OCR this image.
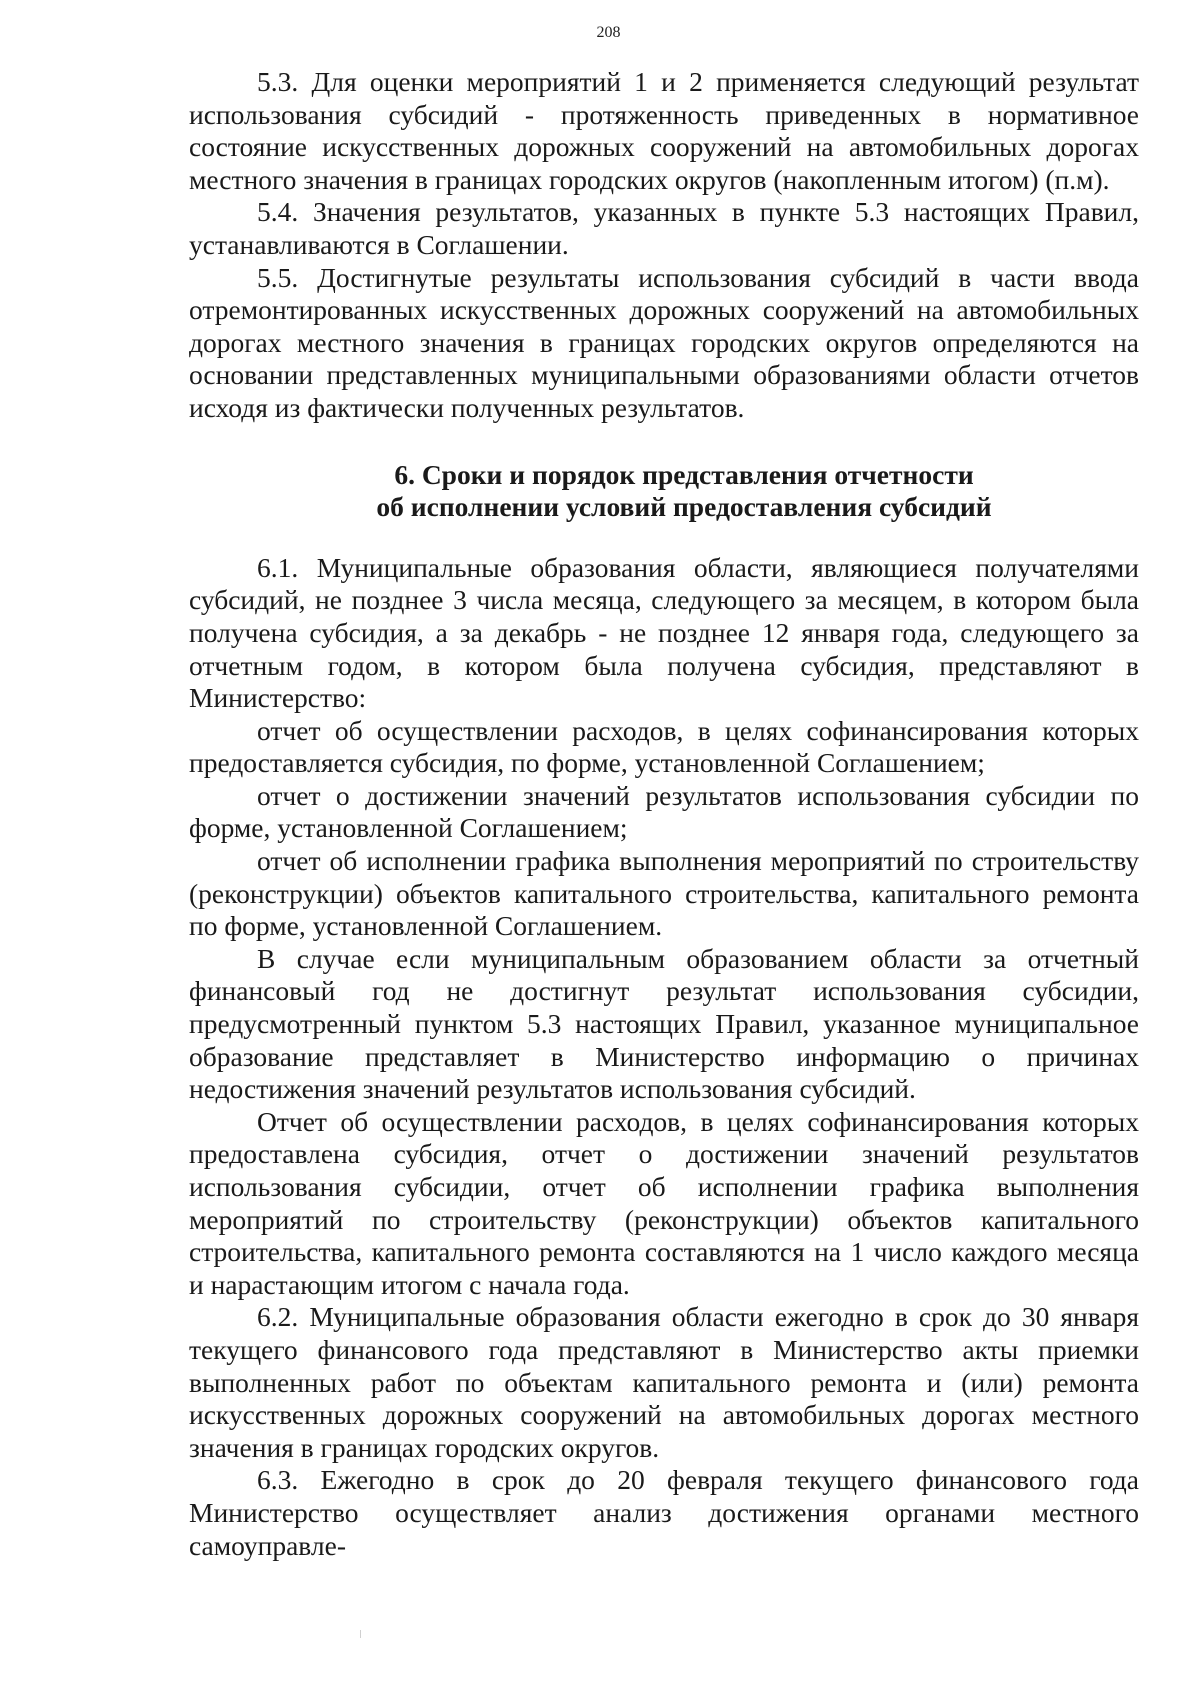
208

5.3. Для оценки мероприятий 1 и 2 применяется следующий результат использования субсидий - протяженность приведенных в нормативное состояние искусственных дорожных сооружений на автомобильных дорогах местного значения в границах городских округов (накопленным итогом) (п.м).

5.4. Значения результатов, указанных в пункте 5.3 настоящих Правил, устанавливаются в Соглашении.

5.5. Достигнутые результаты использования субсидий в части ввода отремонтированных искусственных дорожных сооружений на автомобильных дорогах местного значения в границах городских округов определяются на основании представленных муниципальными образованиями области отчетов исходя из фактически полученных результатов.

6. Сроки и порядок представления отчетности
об исполнении условий предоставления субсидий

6.1. Муниципальные образования области, являющиеся получателями субсидий, не позднее 3 числа месяца, следующего за месяцем, в котором была получена субсидия, а за декабрь - не позднее 12 января года, следующего за отчетным годом, в котором была получена субсидия, представляют в Министерство:

отчет об осуществлении расходов, в целях софинансирования которых предоставляется субсидия, по форме, установленной Соглашением;

отчет о достижении значений результатов использования субсидии по форме, установленной Соглашением;

отчет об исполнении графика выполнения мероприятий по строительству (реконструкции) объектов капитального строительства, капитального ремонта по форме, установленной Соглашением.

В случае если муниципальным образованием области за отчетный финансовый год не достигнут результат использования субсидии, предусмотренный пунктом 5.3 настоящих Правил, указанное муниципальное образование представляет в Министерство информацию о причинах недостижения значений результатов использования субсидий.

Отчет об осуществлении расходов, в целях софинансирования которых предоставлена субсидия, отчет о достижении значений результатов использования субсидии, отчет об исполнении графика выполнения мероприятий по строительству (реконструкции) объектов капитального строительства, капитального ремонта составляются на 1 число каждого месяца и нарастающим итогом с начала года.

6.2. Муниципальные образования области ежегодно в срок до 30 января текущего финансового года представляют в Министерство акты приемки выполненных работ по объектам капитального ремонта и (или) ремонта искусственных дорожных сооружений на автомобильных дорогах местного значения в границах городских округов.

6.3. Ежегодно в срок до 20 февраля текущего финансового года Министерство осуществляет анализ достижения органами местного самоуправле-
